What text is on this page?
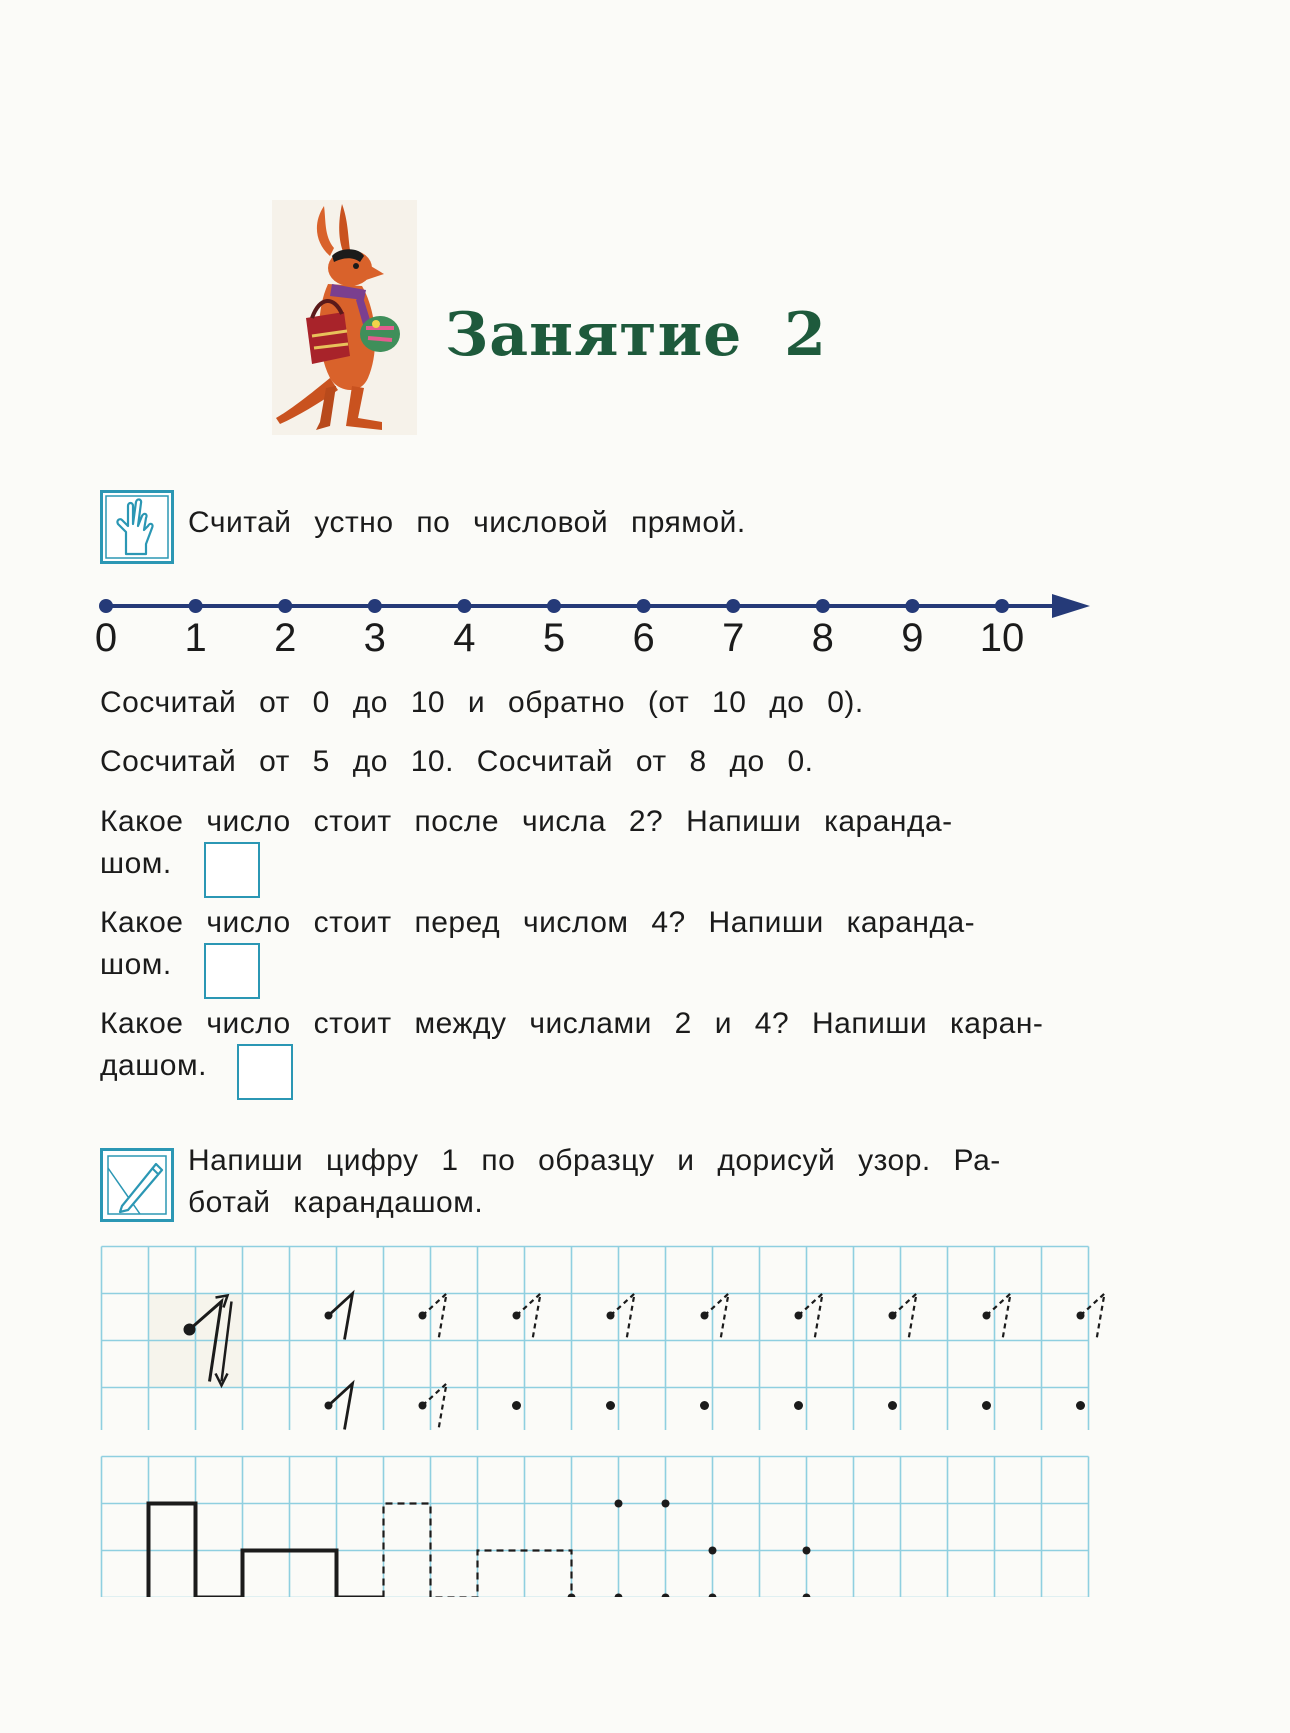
Занятие 2
Считай устно по числовой прямой.
0 1 2 3 4 5 6 7 8 9 10
Сосчитай от 0 до 10 и обратно (от 10 до 0).
Сосчитай от 5 до 10. Сосчитай от 8 до 0.
Какое число стоит после числа 2? Напиши каранда-
шом.
Какое число стоит перед числом 4? Напиши каранда-
шом.
Какое число стоит между числами 2 и 4? Напиши каран-
дашом.
Напиши цифру 1 по образцу и дорисуй узор. Ра-
ботай карандашом.
